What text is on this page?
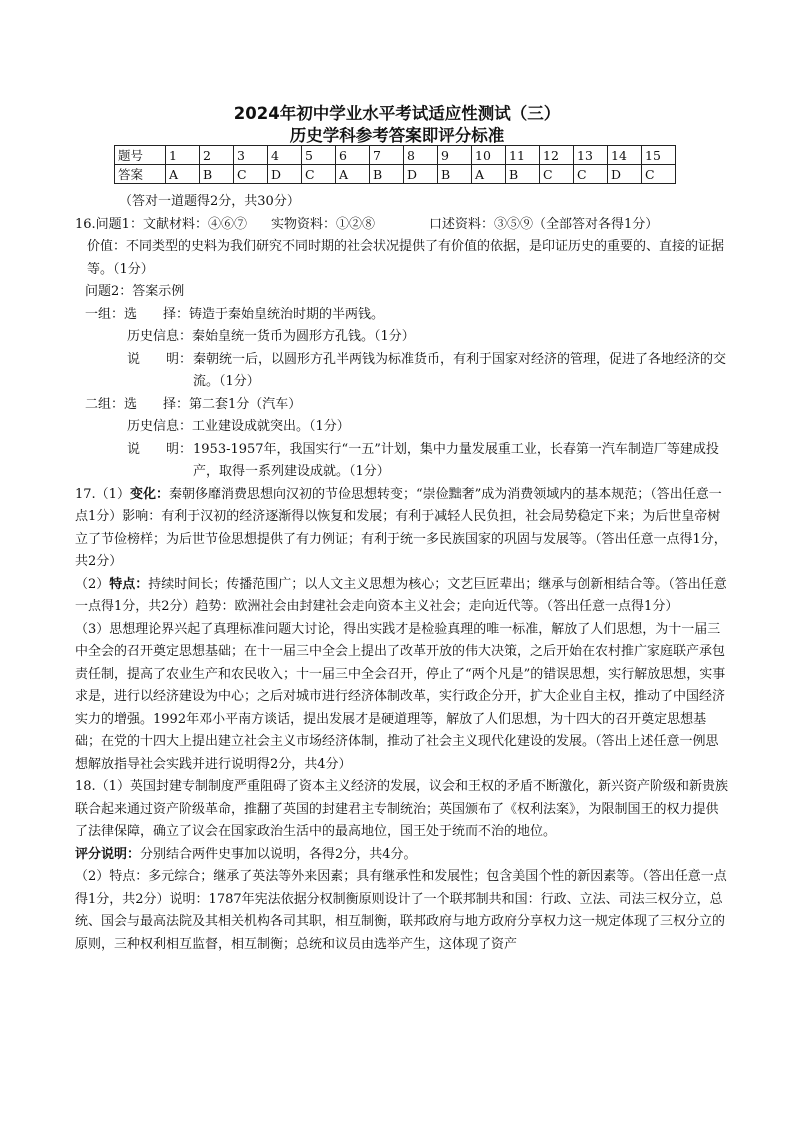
2024年初中学业水平考试适应性测试（三）
历史学科参考答案即评分标准
题号	1	2	3	4	5	6	7	8	9	10	11	12	13	14	15
答案	A	B	C	D	C	A	B	D	B	A	B	C	C	D	C

（答对一道题得2分，共30分）

16.问题1：文献材料：④⑥⑦ 实物资料：①②⑧	口述资料：③⑤⑨（全部答对各得1分）

价值：不同类型的史料为我们研究不同时期的社会状况提供了有价值的依据，是印证历史的重要的、直接的证据等。（1分）

问题2：答案示例

一组：选　　择：铸造于秦始皇统治时期的半两钱。

历史信息：秦始皇统一货币为圆形方孔钱。（1分）

说　　明： 秦朝统一后，以圆形方孔半两钱为标准货币，有利于国家对经济的管理，促进了各地经济的交流。（1分）

二组：选　　择：第二套1分（汽车）

历史信息：工业建设成就突出。（1分）

说　　明： 1953-1957年，我国实行“一五”计划，集中力量发展重工业，长春第一汽车制造厂等建成投产，取得一系列建设成就。（1分）

17.（1）变化：秦朝侈靡消费思想向汉初的节俭思想转变；“崇俭黜奢”成为消费领域内的基本规范；（答出任意一点1分）影响：有利于汉初的经济逐渐得以恢复和发展；有利于减轻人民负担，社会局势稳定下来；为后世皇帝树立了节俭榜样；为后世节俭思想提供了有力例证；有利于统一多民族国家的巩固与发展等。（答出任意一点得1分，共2分）

（2）特点：持续时间长；传播范围广；以人文主义思想为核心；文艺巨匠辈出；继承与创新相结合等。（答出任意一点得1分，共2分）趋势：欧洲社会由封建社会走向资本主义社会；走向近代等。（答出任意一点得1分）

（3）思想理论界兴起了真理标准问题大讨论，得出实践才是检验真理的唯一标准，解放了人们思想，为十一届三中全会的召开奠定思想基础；在十一届三中全会上提出了改革开放的伟大决策，之后开始在农村推广家庭联产承包责任制，提高了农业生产和农民收入；十一届三中全会召开，停止了“两个凡是”的错误思想，实行解放思想，实事求是，进行以经济建设为中心；之后对城市进行经济体制改革，实行政企分开，扩大企业自主权，推动了中国经济实力的增强。1992年邓小平南方谈话，提出发展才是硬道理等，解放了人们思想，为十四大的召开奠定思想基础；在党的十四大上提出建立社会主义市场经济体制，推动了社会主义现代化建设的发展。（答出上述任意一例思想解放指导社会实践并进行说明得2分，共4分）

18.（1）英国封建专制制度严重阻碍了资本主义经济的发展，议会和王权的矛盾不断激化，新兴资产阶级和新贵族联合起来通过资产阶级革命，推翻了英国的封建君主专制统治；英国颁布了《权利法案》，为限制国王的权力提供了法律保障，确立了议会在国家政治生活中的最高地位，国王处于统而不治的地位。

评分说明：分别结合两件史事加以说明，各得2分，共4分。

（2）特点：多元综合；继承了英法等外来因素；具有继承性和发展性；包含美国个性的新因素等。（答出任意一点得1分，共2分）说明：1787年宪法依据分权制衡原则设计了一个联邦制共和国：行政、立法、司法三权分立，总统、国会与最高法院及其相关机构各司其职，相互制衡，联邦政府与地方政府分享权力这一规定体现了三权分立的原则，三种权利相互监督，相互制衡；总统和议员由选举产生，这体现了资产
